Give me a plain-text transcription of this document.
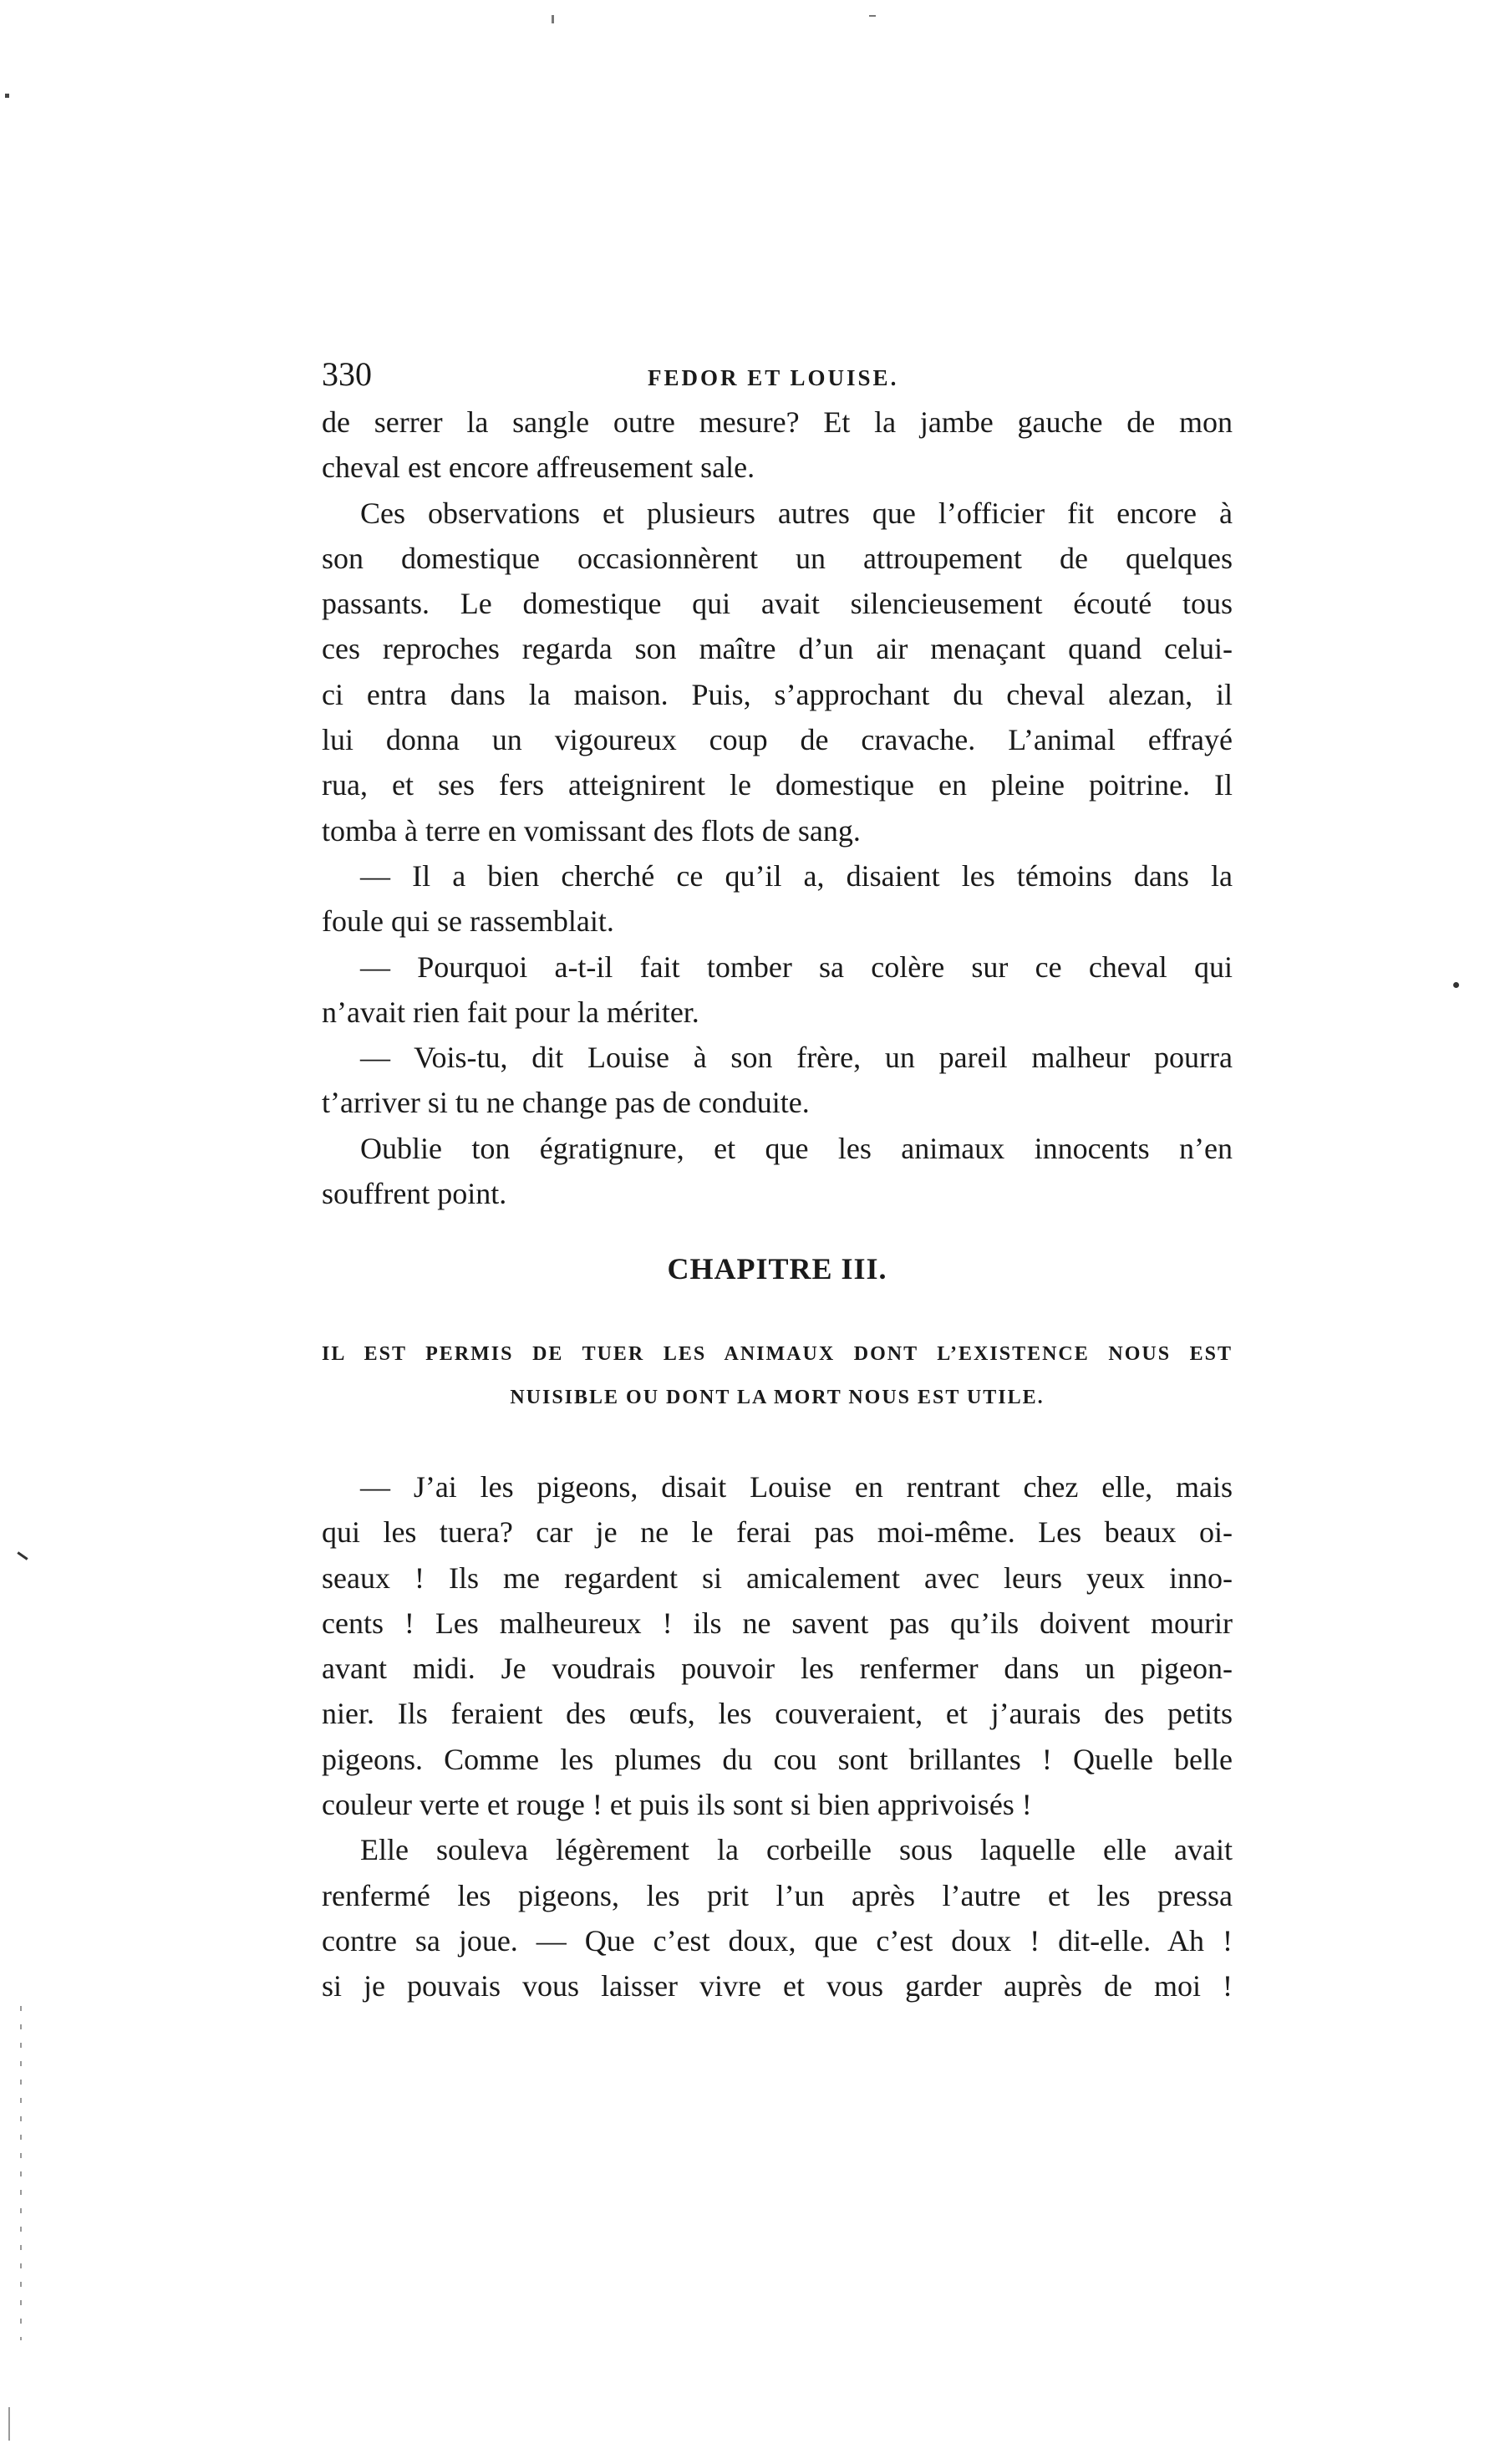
330	FEDOR ET LOUISE.
de serrer la sangle outre mesure? Et la jambe gauche de mon
cheval est encore affreusement sale.
Ces observations et plusieurs autres que l’officier fit encore à
son domestique occasionnèrent un attroupement de quelques
passants. Le domestique qui avait silencieusement écouté tous
ces reproches regarda son maître d’un air menaçant quand celui-
ci entra dans la maison. Puis, s’approchant du cheval alezan, il
lui donna un vigoureux coup de cravache. L’animal effrayé
rua, et ses fers atteignirent le domestique en pleine poitrine. Il
tomba à terre en vomissant des flots de sang.
— Il a bien cherché ce qu’il a, disaient les témoins dans la
foule qui se rassemblait.
— Pourquoi a-t-il fait tomber sa colère sur ce cheval qui
n’avait rien fait pour la mériter.
— Vois-tu, dit Louise à son frère, un pareil malheur pourra
t’arriver si tu ne change pas de conduite.
Oublie ton égratignure, et que les animaux innocents n’en
souffrent point.
CHAPITRE III.
IL EST PERMIS DE TUER LES ANIMAUX DONT L’EXISTENCE NOUS EST
NUISIBLE OU DONT LA MORT NOUS EST UTILE.
— J’ai les pigeons, disait Louise en rentrant chez elle, mais
qui les tuera? car je ne le ferai pas moi-même. Les beaux oi-
seaux ! Ils me regardent si amicalement avec leurs yeux inno-
cents ! Les malheureux ! ils ne savent pas qu’ils doivent mourir
avant midi. Je voudrais pouvoir les renfermer dans un pigeon-
nier. Ils feraient des œufs, les couveraient, et j’aurais des petits
pigeons. Comme les plumes du cou sont brillantes ! Quelle belle
couleur verte et rouge ! et puis ils sont si bien apprivoisés !
Elle souleva légèrement la corbeille sous laquelle elle avait
renfermé les pigeons, les prit l’un après l’autre et les pressa
contre sa joue. — Que c’est doux, que c’est doux ! dit-elle. Ah !
si je pouvais vous laisser vivre et vous garder auprès de moi !
